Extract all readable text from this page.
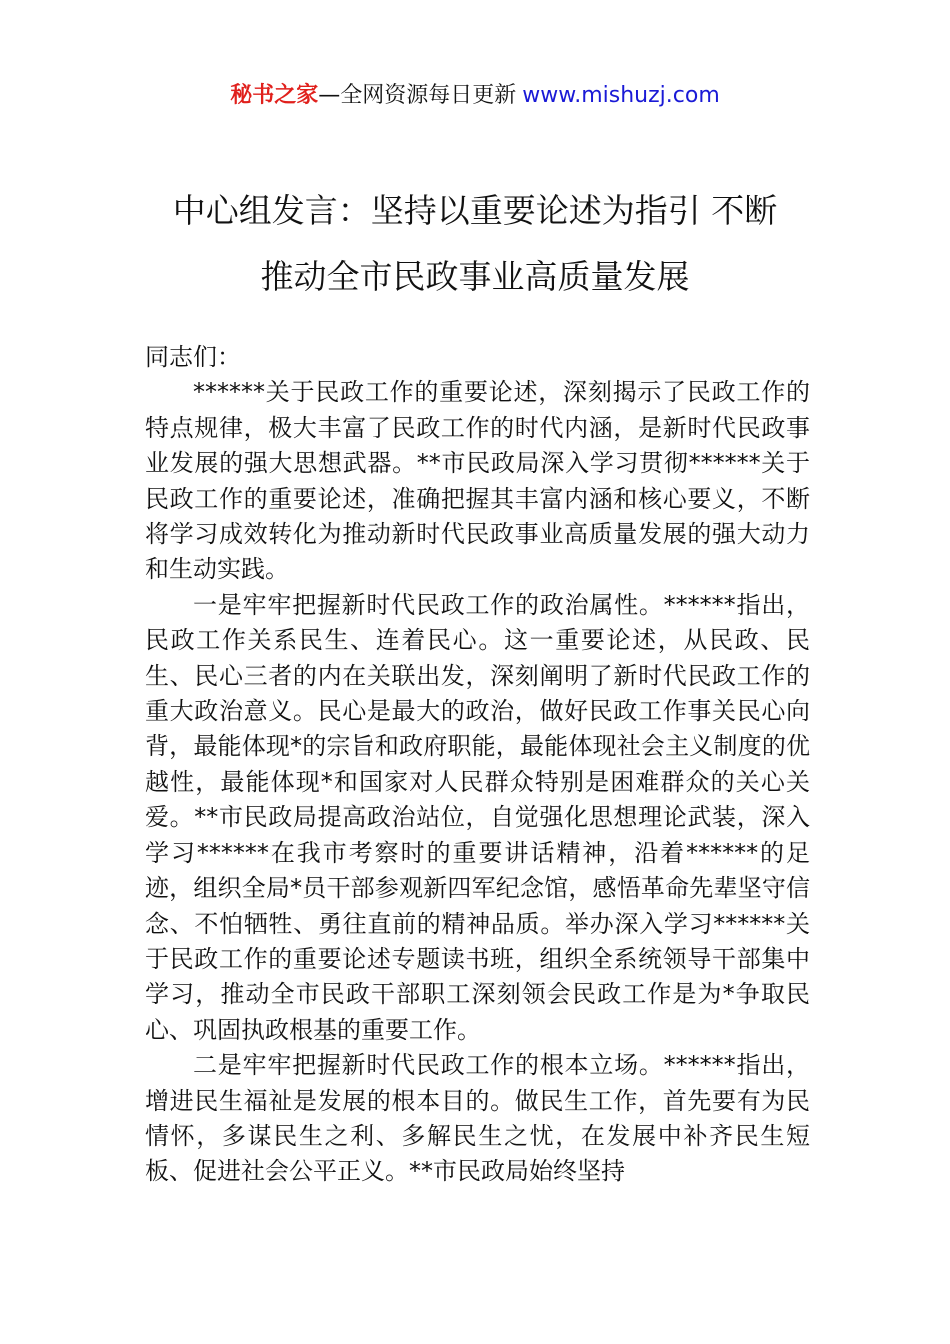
秘书之家—全网资源每日更新 www.mishuzj.com
中心组发言：坚持以重要论述为指引 不断
推动全市民政事业高质量发展

同志们：

******关于民政工作的重要论述，深刻揭示了民政工作的特点规律，极大丰富了民政工作的时代内涵，是新时代民政事业发展的强大思想武器。**市民政局深入学习贯彻******关于民政工作的重要论述，准确把握其丰富内涵和核心要义，不断将学习成效转化为推动新时代民政事业高质量发展的强大动力和生动实践。

一是牢牢把握新时代民政工作的政治属性。******指出，民政工作关系民生、连着民心。这一重要论述，从民政、民生、民心三者的内在关联出发，深刻阐明了新时代民政工作的重大政治意义。民心是最大的政治，做好民政工作事关民心向背，最能体现*的宗旨和政府职能，最能体现社会主义制度的优越性，最能体现*和国家对人民群众特别是困难群众的关心关爱。**市民政局提高政治站位，自觉强化思想理论武装，深入学习******在我市考察时的重要讲话精神，沿着******的足迹，组织全局*员干部参观新四军纪念馆，感悟革命先辈坚守信念、不怕牺牲、勇往直前的精神品质。举办深入学习******关于民政工作的重要论述专题读书班，组织全系统领导干部集中学习，推动全市民政干部职工深刻领会民政工作是为*争取民心、巩固执政根基的重要工作。

二是牢牢把握新时代民政工作的根本立场。******指出，增进民生福祉是发展的根本目的。做民生工作，首先要有为民情怀，多谋民生之利、多解民生之忧，在发展中补齐民生短板、促进社会公平正义。**市民政局始终坚持
